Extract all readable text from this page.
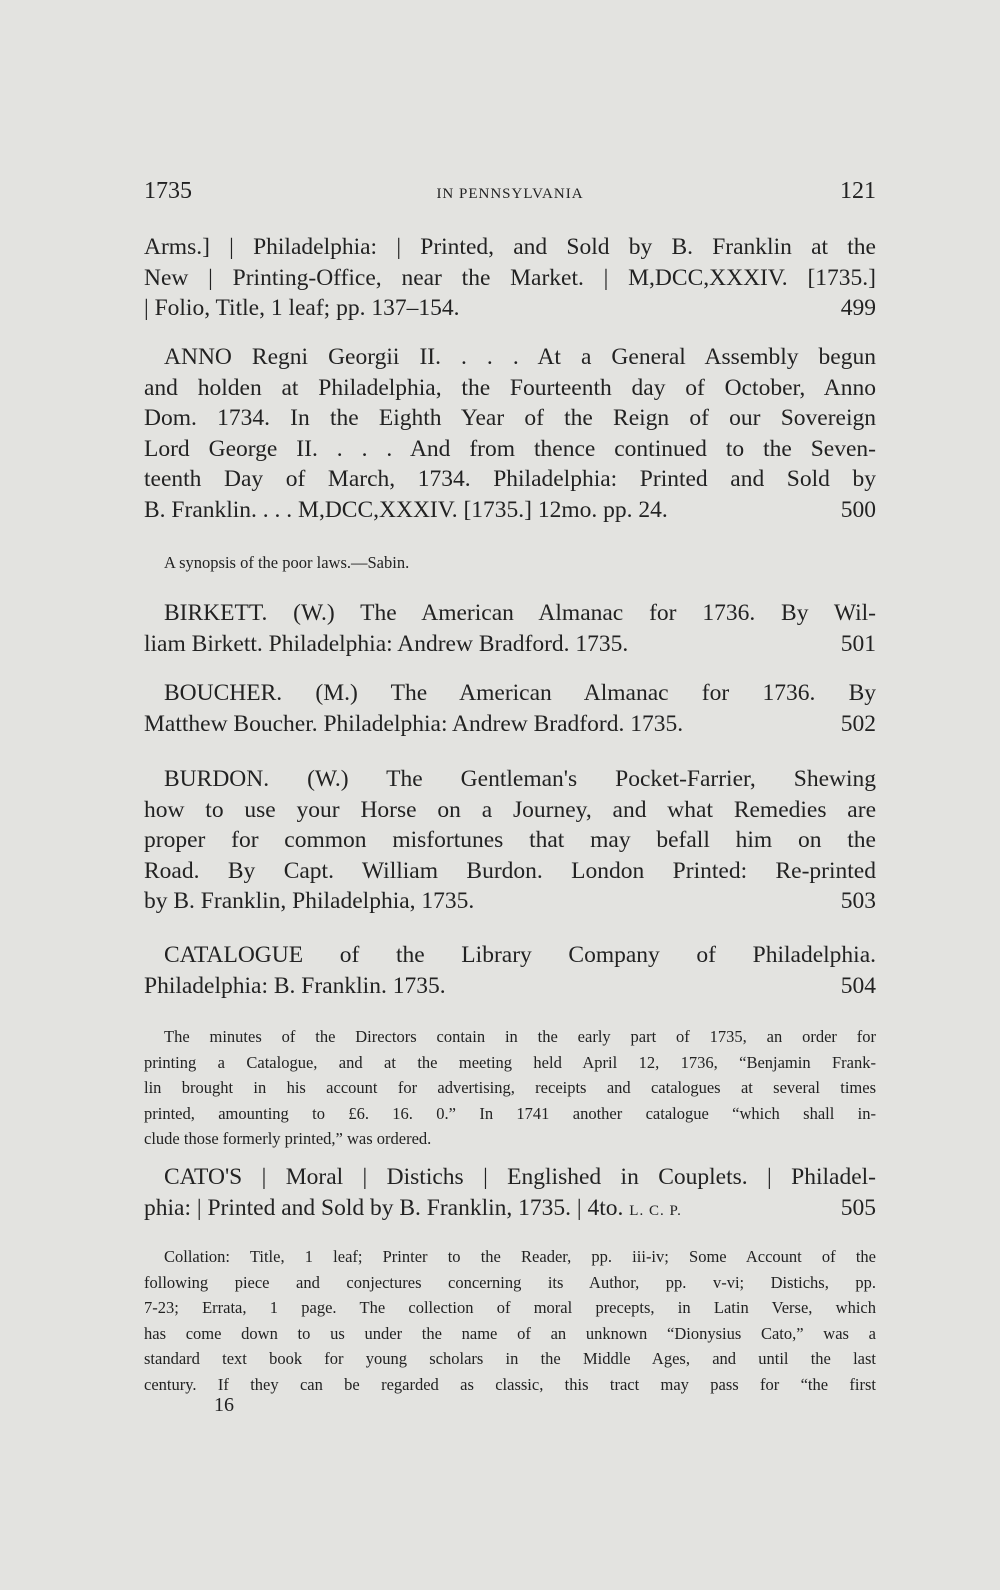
1735	IN PENNSYLVANIA	121
Arms.] | Philadelphia: | Printed, and Sold by B. Franklin at the
New | Printing-Office, near the Market. | M,DCC,XXXIV. [1735.]
| Folio, Title, 1 leaf; pp. 137–154.	499
ANNO Regni Georgii II. . . . At a General Assembly begun
and holden at Philadelphia, the Fourteenth day of October, Anno
Dom. 1734. In the Eighth Year of the Reign of our Sovereign
Lord George II. . . . And from thence continued to the Seven-
teenth Day of March, 1734. Philadelphia: Printed and Sold by
B. Franklin. . . . M,DCC,XXXIV. [1735.] 12mo. pp. 24.	500

A synopsis of the poor laws.—Sabin.

BIRKETT. (W.) The American Almanac for 1736. By Wil-
liam Birkett. Philadelphia: Andrew Bradford. 1735.	501
BOUCHER. (M.) The American Almanac for 1736. By
Matthew Boucher. Philadelphia: Andrew Bradford. 1735.	502
BURDON. (W.) The Gentleman's Pocket-Farrier, Shewing
how to use your Horse on a Journey, and what Remedies are
proper for common misfortunes that may befall him on the
Road. By Capt. William Burdon. London Printed: Re-printed
by B. Franklin, Philadelphia, 1735.	503
CATALOGUE of the Library Company of Philadelphia.
Philadelphia: B. Franklin. 1735.	504
The minutes of the Directors contain in the early part of 1735, an order for
printing a Catalogue, and at the meeting held April 12, 1736, “Benjamin Frank-
lin brought in his account for advertising, receipts and catalogues at several times
printed, amounting to £6. 16. 0.” In 1741 another catalogue “which shall in-
clude those formerly printed,” was ordered.
CATO'S | Moral | Distichs | Englished in Couplets. | Philadel-
phia: | Printed and Sold by B. Franklin, 1735. | 4to. L. C. P.	505
Collation: Title, 1 leaf; Printer to the Reader, pp. iii-iv; Some Account of the
following piece and conjectures concerning its Author, pp. v-vi; Distichs, pp.
7-23; Errata, 1 page. The collection of moral precepts, in Latin Verse, which
has come down to us under the name of an unknown “Dionysius Cato,” was a
standard text book for young scholars in the Middle Ages, and until the last
century. If they can be regarded as classic, this tract may pass for “the first
16
